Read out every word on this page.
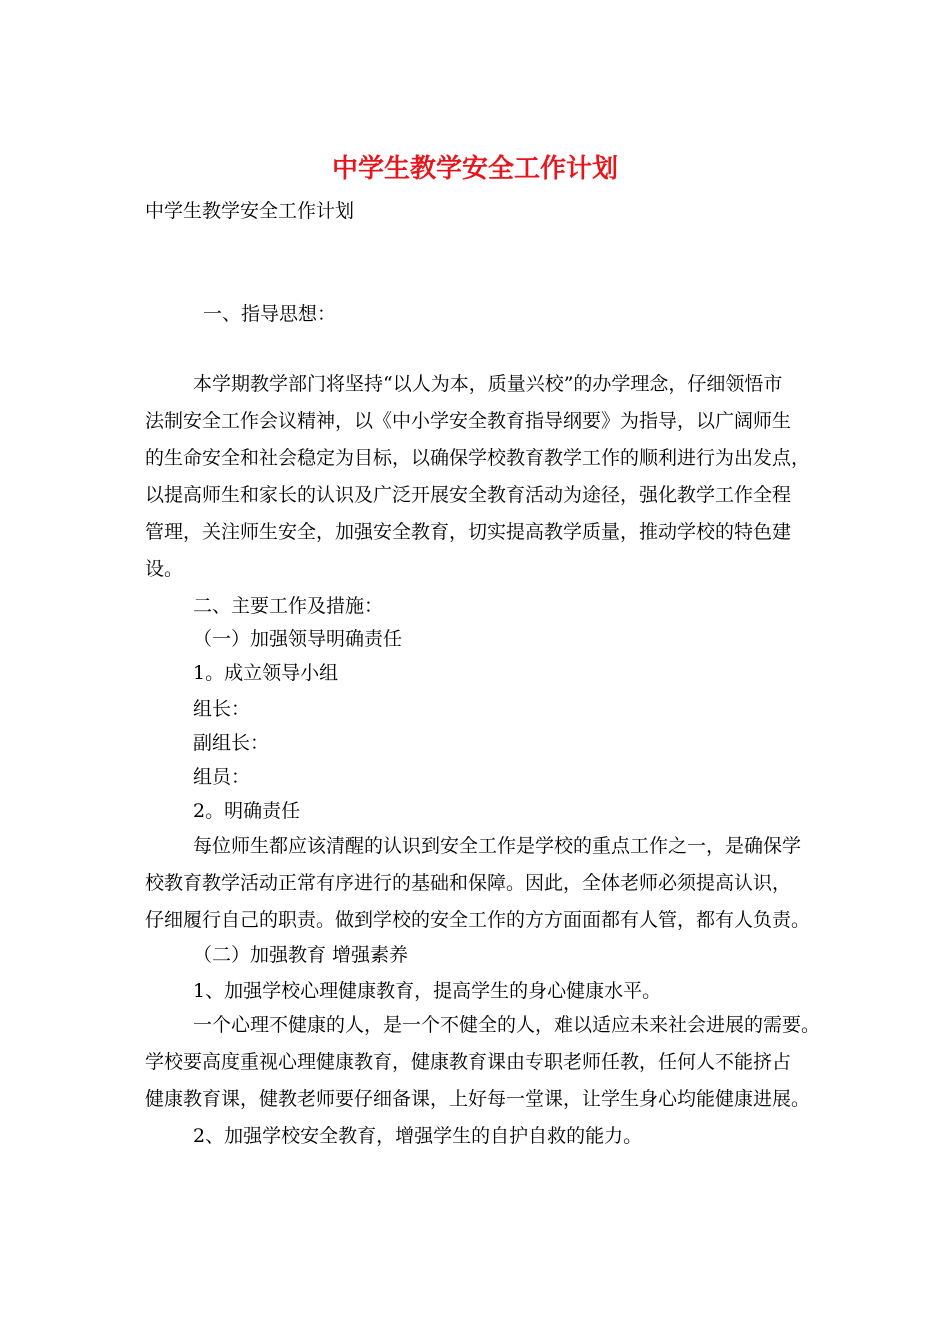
中学生教学安全工作计划
中学生教学安全工作计划
一、指导思想：
本学期教学部门将坚持“以人为本，质量兴校”的办学理念，仔细领悟市
法制安全工作会议精神，以《中小学安全教育指导纲要》为指导，以广阔师生
的生命安全和社会稳定为目标，以确保学校教育教学工作的顺利进行为出发点，
以提高师生和家长的认识及广泛开展安全教育活动为途径，强化教学工作全程
管理，关注师生安全，加强安全教育，切实提高教学质量，推动学校的特色建
设。
二、主要工作及措施：
（一）加强领导明确责任
1。成立领导小组
组长：
副组长：
组员：
2。明确责任
每位师生都应该清醒的认识到安全工作是学校的重点工作之一，是确保学
校教育教学活动正常有序进行的基础和保障。因此，全体老师必须提高认识，
仔细履行自己的职责。做到学校的安全工作的方方面面都有人管，都有人负责。
（二）加强教育 增强素养
1、加强学校心理健康教育，提高学生的身心健康水平。
一个心理不健康的人，是一个不健全的人，难以适应未来社会进展的需要。
学校要高度重视心理健康教育，健康教育课由专职老师任教，任何人不能挤占
健康教育课，健教老师要仔细备课，上好每一堂课，让学生身心均能健康进展。
2、加强学校安全教育，增强学生的自护自救的能力。
